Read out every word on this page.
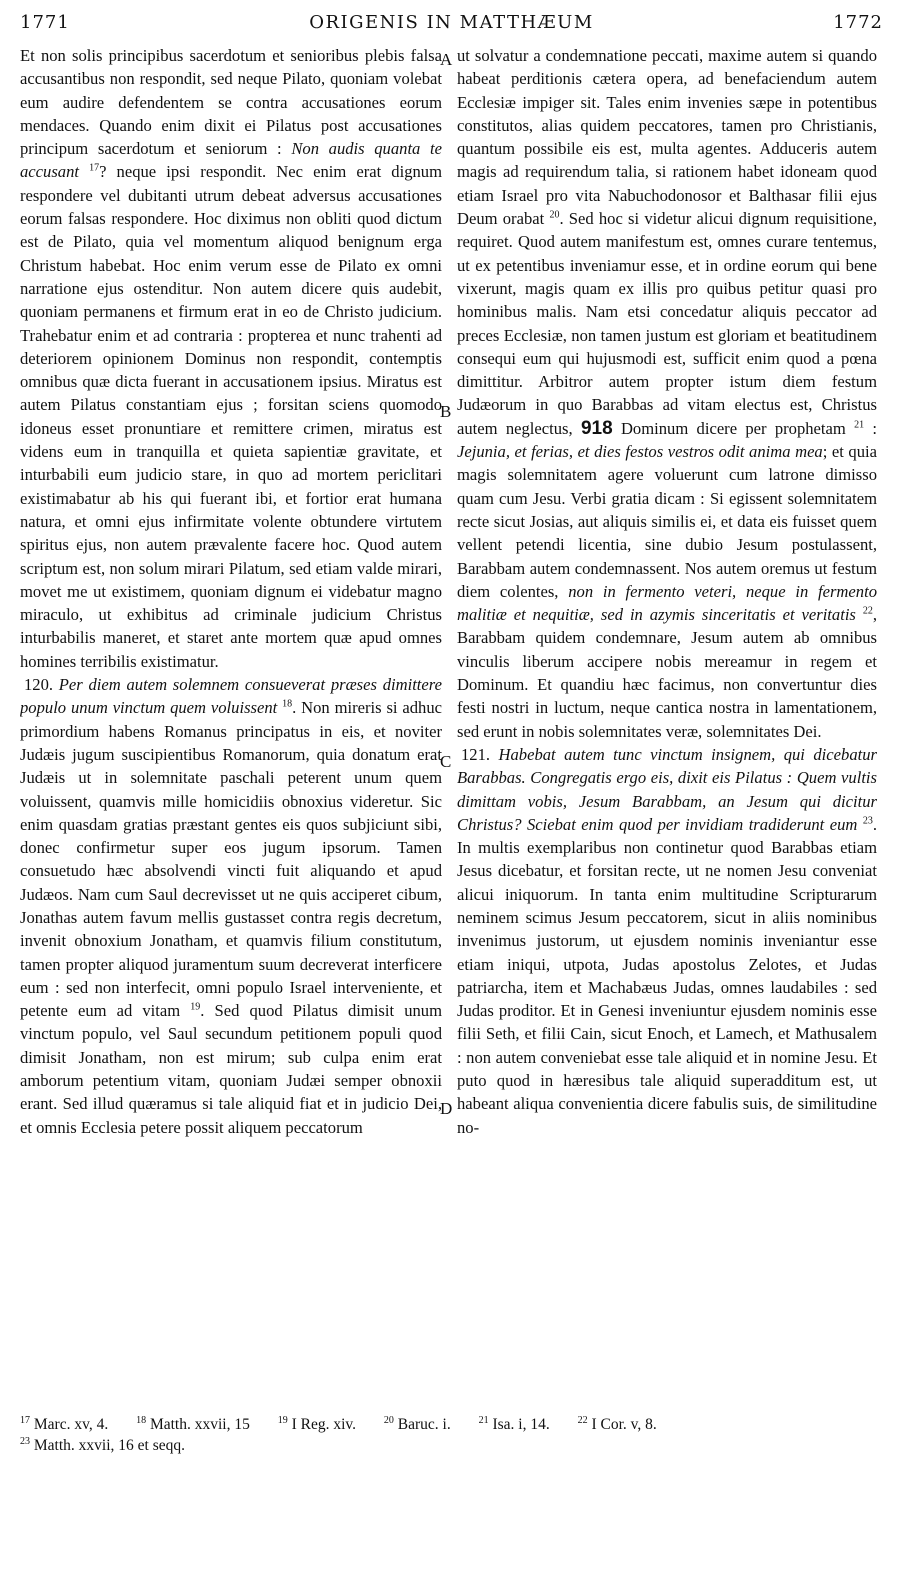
1771	ORIGENIS IN MATTHÆUM	1772

Et non solis principibus sacerdotum et senioribus plebis falsa accusantibus non respondit, sed neque Pilato, quoniam volebat eum audire defendentem se contra accusationes eorum mendaces. Quando enim dixit ei Pilatus post accusationes principum sacerdotum et seniorum : Non audis quanta te accusant $^{17}$? neque ipsi respondit. Nec enim erat dignum respondere vel dubitanti utrum debeat adversus accusationes eorum falsas respondere. Hoc diximus non obliti quod dictum est de Pilato, quia vel momentum aliquod benignum erga Christum habebat. Hoc enim verum esse de Pilato ex omni narratione ejus ostenditur. Non autem dicere quis audebit, quoniam permanens et firmum erat in eo de Christo judicium. Trahebatur enim et ad contraria : propterea et nunc trahenti ad deteriorem opinionem Dominus non respondit, contemptis omnibus quæ dicta fuerant in accusationem ipsius. Miratus est autem Pilatus constantiam ejus ; forsitan sciens quomodo idoneus esset pronuntiare et remittere crimen, miratus est videns eum in tranquilla et quieta sapientiæ gravitate, et inturbabili eum judicio stare, in quo ad mortem periclitari existimabatur ab his qui fuerant ibi, et fortior erat humana natura, et omni ejus infirmitate volente obtundere virtutem spiritus ejus, non autem prævalente facere hoc. Quod autem scriptum est, non solum mirari Pilatum, sed etiam valde mirari, movet me ut existimem, quoniam dignum ei videbatur magno miraculo, ut exhibitus ad criminale judicium Christus inturbabilis maneret, et staret ante mortem quæ apud omnes homines terribilis existimatur.

120. Per diem autem solemnem consueverat præses dimittere populo unum vinctum quem voluissent $^{18}$. Non mireris si adhuc primordium habens Romanus principatus in eis, et noviter Judæis jugum suscipientibus Romanorum, quia donatum erat Judæis ut in solemnitate paschali peterent unum quem voluissent, quamvis mille homicidiis obnoxius videretur. Sic enim quasdam gratias præstant gentes eis quos subjiciunt sibi, donec confirmetur super eos jugum ipsorum. Tamen consuetudo hæc absolvendi vincti fuit aliquando et apud Judæos. Nam cum Saul decrevisset ut ne quis acciperet cibum, Jonathas autem favum mellis gustasset contra regis decretum, invenit obnoxium Jonatham, et quamvis filium constitutum, tamen propter aliquod juramentum suum decreverat interficere eum : sed non interfecit, omni populo Israel interveniente, et petente eum ad vitam $^{19}$. Sed quod Pilatus dimisit unum vinctum populo, vel Saul secundum petitionem populi quod dimisit Jonatham, non est mirum; sub culpa enim erat amborum petentium vitam, quoniam Judæi semper obnoxii erant. Sed illud quæramus si tale aliquid fiat et in judicio Dei, et omnis Ecclesia petere possit aliquem peccatorum

A
B
C
D

ut solvatur a condemnatione peccati, maxime autem si quando habeat perditionis cætera opera, ad benefaciendum autem Ecclesiæ impiger sit. Tales enim invenies sæpe in potentibus constitutos, alias quidem peccatores, tamen pro Christianis, quantum possibile eis est, multa agentes. Adduceris autem magis ad requirendum talia, si rationem habet idoneam quod etiam Israel pro vita Nabuchodonosor et Balthasar filii ejus Deum orabat $^{20}$. Sed hoc si videtur alicui dignum requisitione, requiret. Quod autem manifestum est, omnes curare tentemus, ut ex petentibus inveniamur esse, et in ordine eorum qui bene vixerunt, magis quam ex illis pro quibus petitur quasi pro hominibus malis. Nam etsi concedatur aliquis peccator ad preces Ecclesiæ, non tamen justum est gloriam et beatitudinem consequi eum qui hujusmodi est, sufficit enim quod a pœna dimittitur. Arbitror autem propter istum diem festum Judæorum in quo Barabbas ad vitam electus est, Christus autem neglectus, 918 Dominum dicere per prophetam $^{21}$ : Jejunia, et ferias, et dies festos vestros odit anima mea; et quia magis solemnitatem agere voluerunt cum latrone dimisso quam cum Jesu. Verbi gratia dicam : Si egissent solemnitatem recte sicut Josias, aut aliquis similis ei, et data eis fuisset quem vellent petendi licentia, sine dubio Jesum postulassent, Barabbam autem condemnassent. Nos autem oremus ut festum diem colentes, non in fermento veteri, neque in fermento malitiæ et nequitiæ, sed in azymis sinceritatis et veritatis $^{22}$, Barabbam quidem condemnare, Jesum autem ab omnibus vinculis liberum accipere nobis mereamur in regem et Dominum. Et quandiu hæc facimus, non convertuntur dies festi nostri in luctum, neque cantica nostra in lamentationem, sed erunt in nobis solemnitates veræ, solemnitates Dei.

121. Habebat autem tunc vinctum insignem, qui dicebatur Barabbas. Congregatis ergo eis, dixit eis Pilatus : Quem vultis dimittam vobis, Jesum Barabbam, an Jesum qui dicitur Christus? Sciebat enim quod per invidiam tradiderunt eum $^{23}$. In multis exemplaribus non continetur quod Barabbas etiam Jesus dicebatur, et forsitan recte, ut ne nomen Jesu conveniat alicui iniquorum. In tanta enim multitudine Scripturarum neminem scimus Jesum peccatorem, sicut in aliis nominibus invenimus justorum, ut ejusdem nominis inveniantur esse etiam iniqui, utpota, Judas apostolus Zelotes, et Judas patriarcha, item et Machabæus Judas, omnes laudabiles : sed Judas proditor. Et in Genesi inveniuntur ejusdem nominis esse filii Seth, et filii Cain, sicut Enoch, et Lamech, et Mathusalem : non autem conveniebat esse tale aliquid et in nomine Jesu. Et puto quod in hæresibus tale aliquid superadditum est, ut habeant aliqua convenientia dicere fabulis suis, de similitudine no-

$^{17}$ Marc. xv, 4.	$^{18}$ Matth. xxvii, 15	$^{19}$ I Reg. xiv.	$^{20}$ Baruc. i.	$^{21}$ Isa. i, 14.	$^{22}$ I Cor. v, 8.
$^{23}$ Matth. xxvii, 16 et seqq.
